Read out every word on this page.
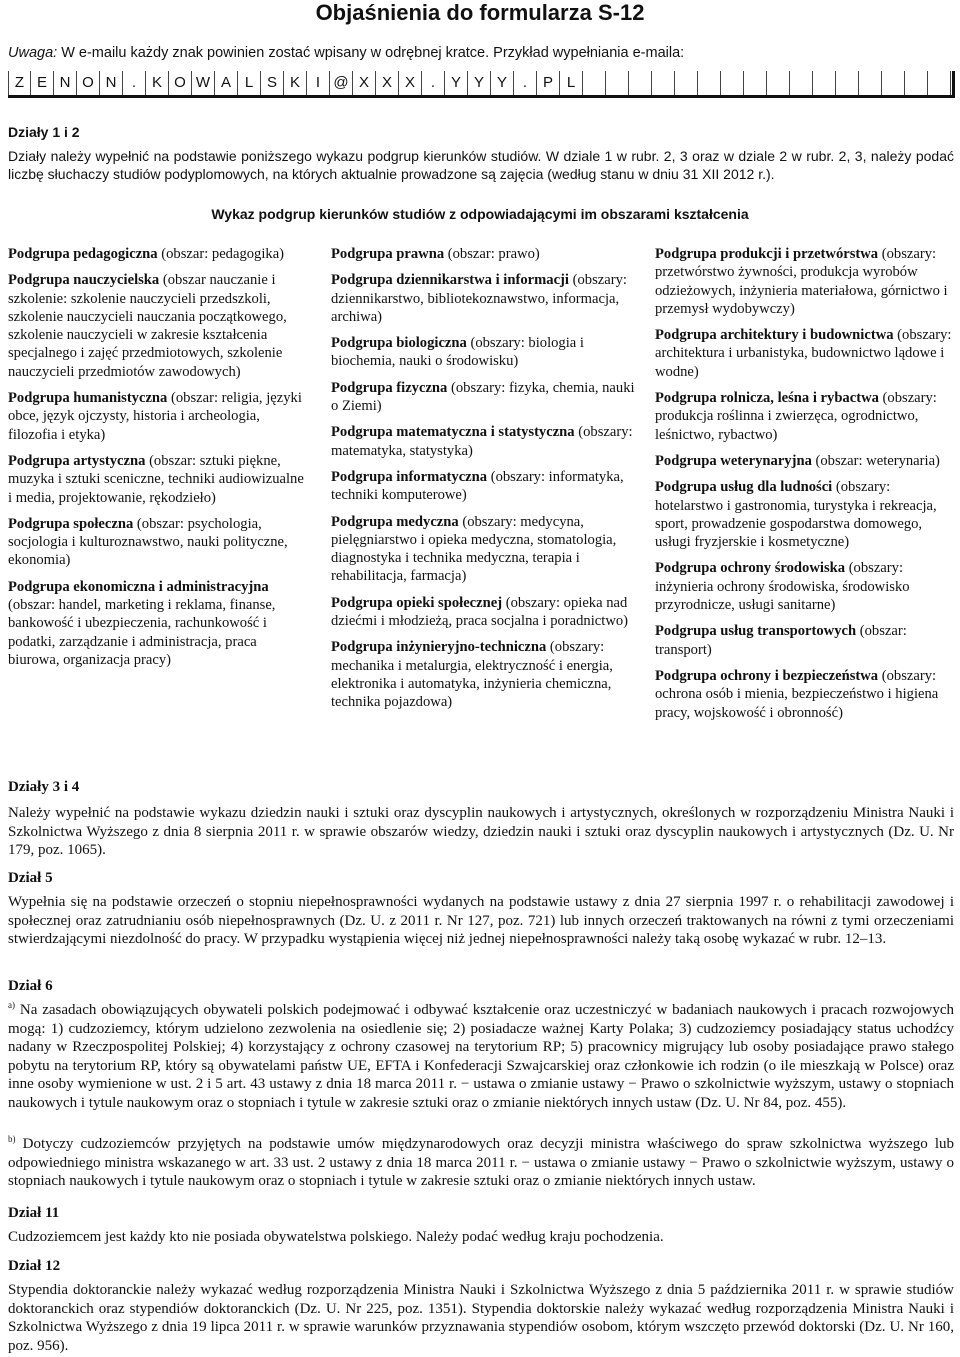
Objaśnienia do formularza S-12
Uwaga: W e-mailu każdy znak powinien zostać wpisany w odrębnej kratce. Przykład wypełniania e-maila:
Z E N O N	.	K O W A L S K	I @ X X X	.	Y Y Y	.	P L
Działy 1 i 2
Działy należy wypełnić na podstawie poniższego wykazu podgrup kierunków studiów. W dziale 1 w rubr. 2, 3 oraz w dziale 2 w rubr. 2, 3, należy podać liczbę słuchaczy studiów podyplomowych, na których aktualnie prowadzone są zajęcia (według stanu w dniu 31 XII 2012 r.).
Wykaz podgrup kierunków studiów z odpowiadającymi im obszarami kształcenia
Podgrupa pedagogiczna (obszar: pedagogika)
Podgrupa nauczycielska (obszar nauczanie i szkolenie: szkolenie nauczycieli przedszkoli, szkolenie nauczycieli nauczania początkowego, szkolenie nauczycieli w zakresie kształcenia specjalnego i zajęć przedmiotowych, szkolenie nauczycieli przedmiotów zawodowych)
Podgrupa humanistyczna (obszar: religia, języki obce, język ojczysty, historia i archeologia, filozofia i etyka)
Podgrupa artystyczna (obszar: sztuki piękne, muzyka i sztuki sceniczne, techniki audiowizualne i media, projektowanie, rękodzieło)
Podgrupa społeczna (obszar: psychologia, socjologia i kulturoznawstwo, nauki polityczne, ekonomia)
Podgrupa ekonomiczna i administracyjna (obszar: handel, marketing i reklama, finanse, bankowość i ubezpieczenia, rachunkowość i podatki, zarządzanie i administracja, praca biurowa, organizacja pracy)
Podgrupa prawna (obszar: prawo)
Podgrupa dziennikarstwa i informacji (obszary: dziennikarstwo, bibliotekoznawstwo, informacja, archiwa)
Podgrupa biologiczna (obszary: biologia i biochemia, nauki o środowisku)
Podgrupa fizyczna (obszary: fizyka, chemia, nauki o Ziemi)
Podgrupa matematyczna i statystyczna (obszary: matematyka, statystyka)
Podgrupa informatyczna (obszary: informatyka, techniki komputerowe)
Podgrupa medyczna (obszary: medycyna, pielęgniarstwo i opieka medyczna, stomatologia, diagnostyka i technika medyczna, terapia i rehabilitacja, farmacja)
Podgrupa opieki społecznej (obszary: opieka nad dziećmi i młodzieżą, praca socjalna i poradnictwo)
Podgrupa inżynieryjno-techniczna (obszary: mechanika i metalurgia, elektryczność i energia, elektronika i automatyka, inżynieria chemiczna, technika pojazdowa)
Podgrupa produkcji i przetwórstwa (obszary: przetwórstwo żywności, produkcja wyrobów odzieżowych, inżynieria materiałowa, górnictwo i przemysł wydobywczy)
Podgrupa architektury i budownictwa (obszary: architektura i urbanistyka, budownictwo lądowe i wodne)
Podgrupa rolnicza, leśna i rybactwa (obszary: produkcja roślinna i zwierzęca, ogrodnictwo, leśnictwo, rybactwo)
Podgrupa weterynaryjna (obszar: weterynaria)
Podgrupa usług dla ludności (obszary: hotelarstwo i gastronomia, turystyka i rekreacja, sport, prowadzenie gospodarstwa domowego, usługi fryzjerskie i kosmetyczne)
Podgrupa ochrony środowiska (obszary: inżynieria ochrony środowiska, środowisko przyrodnicze, usługi sanitarne)
Podgrupa usług transportowych (obszar: transport)
Podgrupa ochrony i bezpieczeństwa (obszary: ochrona osób i mienia, bezpieczeństwo i higiena pracy, wojskowość i obronność)
Działy 3 i 4
Należy wypełnić na podstawie wykazu dziedzin nauki i sztuki oraz dyscyplin naukowych i artystycznych, określonych w rozporządzeniu Ministra Nauki i Szkolnictwa Wyższego z dnia 8 sierpnia 2011 r. w sprawie obszarów wiedzy, dziedzin nauki i sztuki oraz dyscyplin naukowych i artystycznych (Dz. U. Nr 179, poz. 1065).
Dział 5
Wypełnia się na podstawie orzeczeń o stopniu niepełnosprawności wydanych na podstawie ustawy z dnia 27 sierpnia 1997 r. o rehabilitacji zawodowej i społecznej oraz zatrudnianiu osób niepełnosprawnych (Dz. U. z 2011 r. Nr 127, poz. 721) lub innych orzeczeń traktowanych na równi z tymi orzeczeniami stwierdzającymi niezdolność do pracy. W przypadku wystąpienia więcej niż jednej niepełnosprawności należy taką osobę wykazać w rubr. 12–13.
Dział 6
$^{a)}$ Na zasadach obowiązujących obywateli polskich podejmować i odbywać kształcenie oraz uczestniczyć w badaniach naukowych i pracach rozwojowych mogą: 1) cudzoziemcy, którym udzielono zezwolenia na osiedlenie się; 2) posiadacze ważnej Karty Polaka; 3) cudzoziemcy posiadający status uchodźcy nadany w Rzeczpospolitej Polskiej; 4) korzystający z ochrony czasowej na terytorium RP; 5) pracownicy migrujący lub osoby posiadające prawo stałego pobytu na terytorium RP, który są obywatelami państw UE, EFTA i Konfederacji Szwajcarskiej oraz członkowie ich rodzin (o ile mieszkają w Polsce) oraz inne osoby wymienione w ust. 2 i 5 art. 43 ustawy z dnia 18 marca 2011 r. − ustawa o zmianie ustawy − Prawo o szkolnictwie wyższym, ustawy o stopniach naukowych i tytule naukowym oraz o stopniach i tytule w zakresie sztuki oraz o zmianie niektórych innych ustaw (Dz. U. Nr 84, poz. 455).
$^{b)}$ Dotyczy cudzoziemców przyjętych na podstawie umów międzynarodowych oraz decyzji ministra właściwego do spraw szkolnictwa wyższego lub odpowiedniego ministra wskazanego w art. 33 ust. 2 ustawy z dnia 18 marca 2011 r. − ustawa o zmianie ustawy − Prawo o szkolnictwie wyższym, ustawy o stopniach naukowych i tytule naukowym oraz o stopniach i tytule w zakresie sztuki oraz o zmianie niektórych innych ustaw.
Dział 11
Cudzoziemcem jest każdy kto nie posiada obywatelstwa polskiego. Należy podać według kraju pochodzenia.
Dział 12
Stypendia doktoranckie należy wykazać według rozporządzenia Ministra Nauki i Szkolnictwa Wyższego z dnia 5 października 2011 r. w sprawie studiów doktoranckich oraz stypendiów doktoranckich (Dz. U. Nr 225, poz. 1351). Stypendia doktorskie należy wykazać według rozporządzenia Ministra Nauki i Szkolnictwa Wyższego z dnia 19 lipca 2011 r. w sprawie warunków przyznawania stypendiów osobom, którym wszczęto przewód doktorski (Dz. U. Nr 160, poz. 956).
